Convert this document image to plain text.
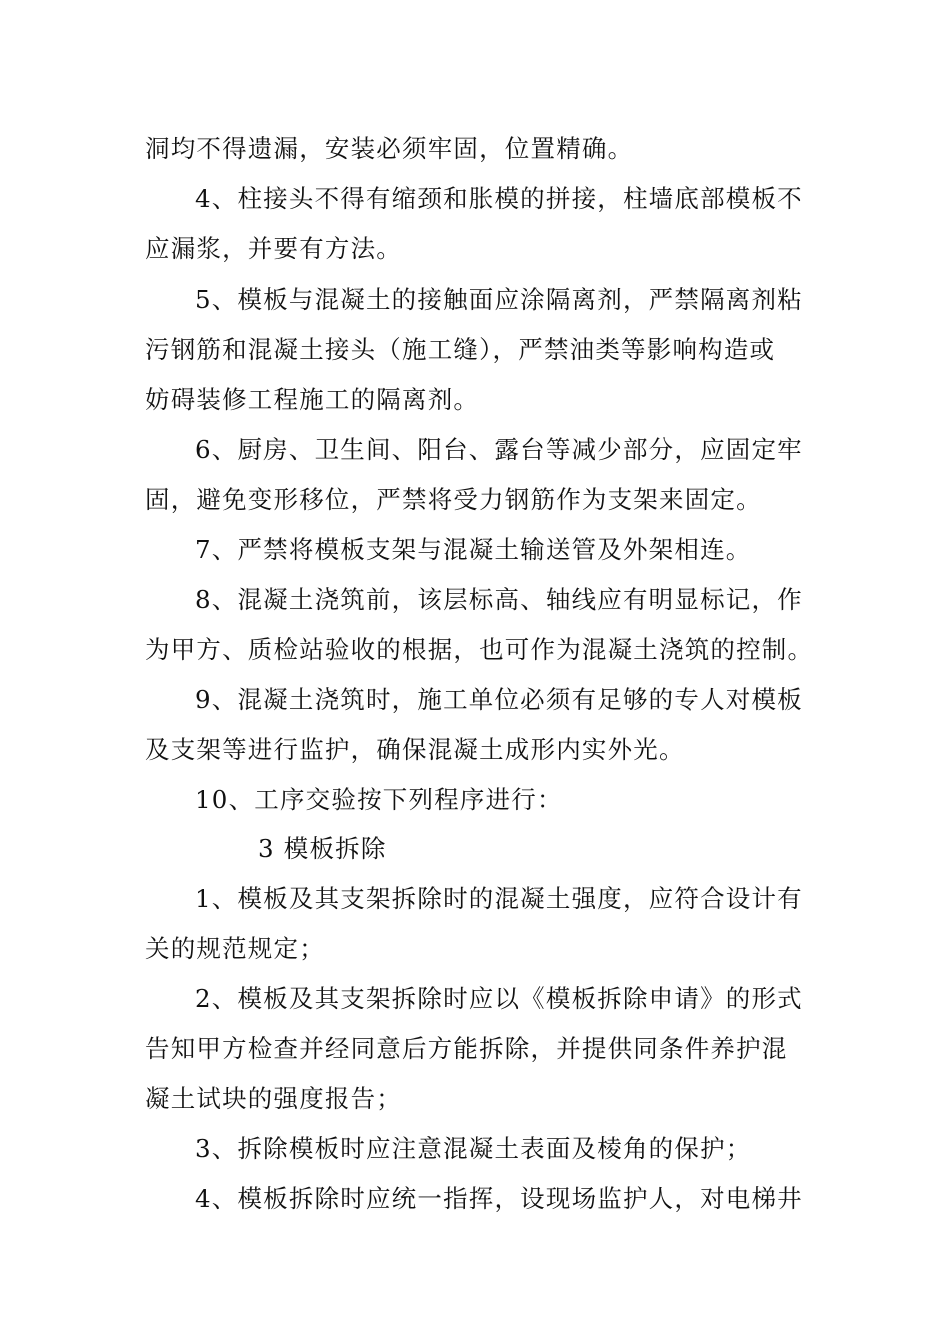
洞均不得遗漏，安装必须牢固，位置精确。
4、柱接头不得有缩颈和胀模的拼接，柱墙底部模板不
应漏浆，并要有方法。
5、模板与混凝土的接触面应涂隔离剂，严禁隔离剂粘
污钢筋和混凝土接头（施工缝），严禁油类等影响构造或
妨碍装修工程施工的隔离剂。
6、厨房、卫生间、阳台、露台等减少部分，应固定牢
固，避免变形移位，严禁将受力钢筋作为支架来固定。
7、严禁将模板支架与混凝土输送管及外架相连。
8、混凝土浇筑前，该层标高、轴线应有明显标记，作
为甲方、质检站验收的根据，也可作为混凝土浇筑的控制。
9、混凝土浇筑时，施工单位必须有足够的专人对模板
及支架等进行监护，确保混凝土成形内实外光。
10、工序交验按下列程序进行：
3 模板拆除
1、模板及其支架拆除时的混凝土强度，应符合设计有
关的规范规定；
2、模板及其支架拆除时应以《模板拆除申请》的形式
告知甲方检查并经同意后方能拆除，并提供同条件养护混
凝土试块的强度报告；
3、拆除模板时应注意混凝土表面及棱角的保护；
4、模板拆除时应统一指挥，设现场监护人，对电梯井
